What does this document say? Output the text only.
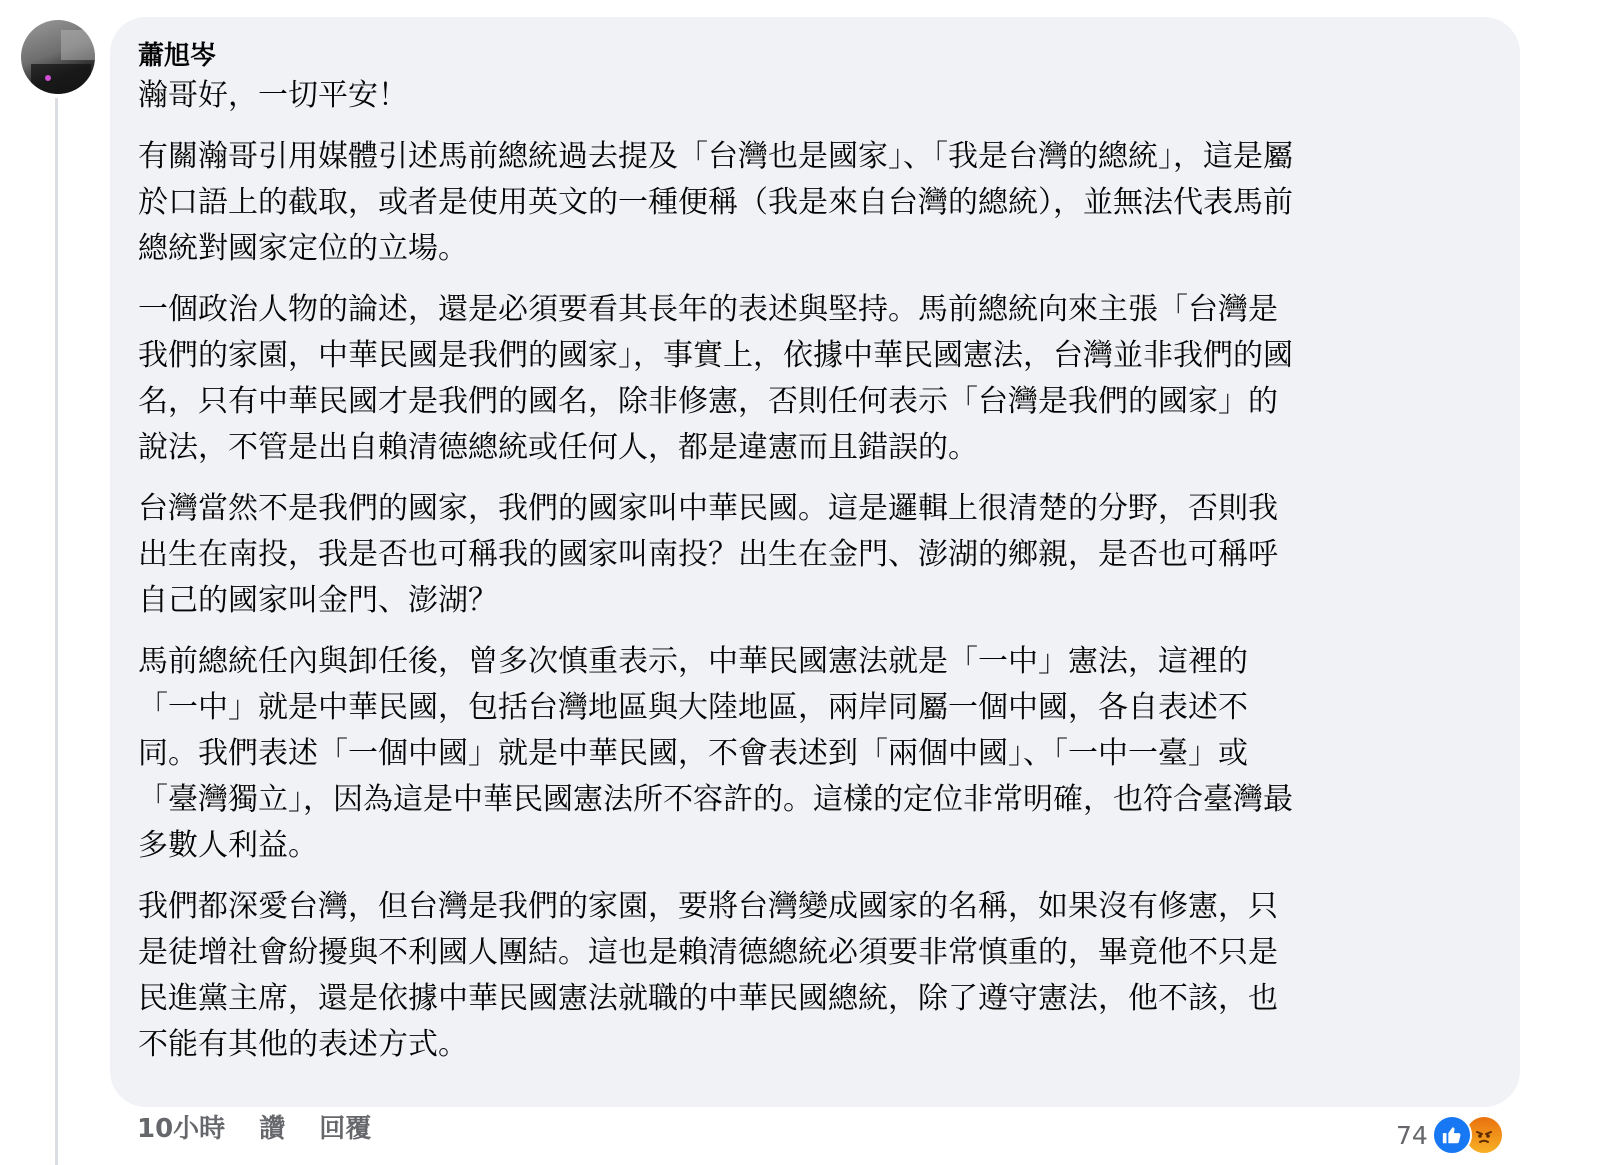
蕭旭岑
瀚哥好，一切平安！
有關瀚哥引用媒體引述馬前總統過去提及「台灣也是國家」、「我是台灣的總統」，這是屬
於口語上的截取，或者是使用英文的一種便稱（我是來自台灣的總統），並無法代表馬前
總統對國家定位的立場。
一個政治人物的論述，還是必須要看其長年的表述與堅持。馬前總統向來主張「台灣是
我們的家園，中華民國是我們的國家」，事實上，依據中華民國憲法，台灣並非我們的國
名，只有中華民國才是我們的國名，除非修憲，否則任何表示「台灣是我們的國家」的
說法，不管是出自賴清德總統或任何人，都是違憲而且錯誤的。
台灣當然不是我們的國家，我們的國家叫中華民國。這是邏輯上很清楚的分野，否則我
出生在南投，我是否也可稱我的國家叫南投？出生在金門、澎湖的鄉親，是否也可稱呼
自己的國家叫金門、澎湖？
馬前總統任內與卸任後，曾多次慎重表示，中華民國憲法就是「一中」憲法，這裡的
「一中」就是中華民國，包括台灣地區與大陸地區，兩岸同屬一個中國，各自表述不
同。我們表述「一個中國」就是中華民國，不會表述到「兩個中國」、「一中一臺」或
「臺灣獨立」，因為這是中華民國憲法所不容許的。這樣的定位非常明確，也符合臺灣最
多數人利益。
我們都深愛台灣，但台灣是我們的家園，要將台灣變成國家的名稱，如果沒有修憲，只
是徒增社會紛擾與不利國人團結。這也是賴清德總統必須要非常慎重的，畢竟他不只是
民進黨主席，還是依據中華民國憲法就職的中華民國總統，除了遵守憲法，他不該，也
不能有其他的表述方式。
10小時 讚 回覆	74
